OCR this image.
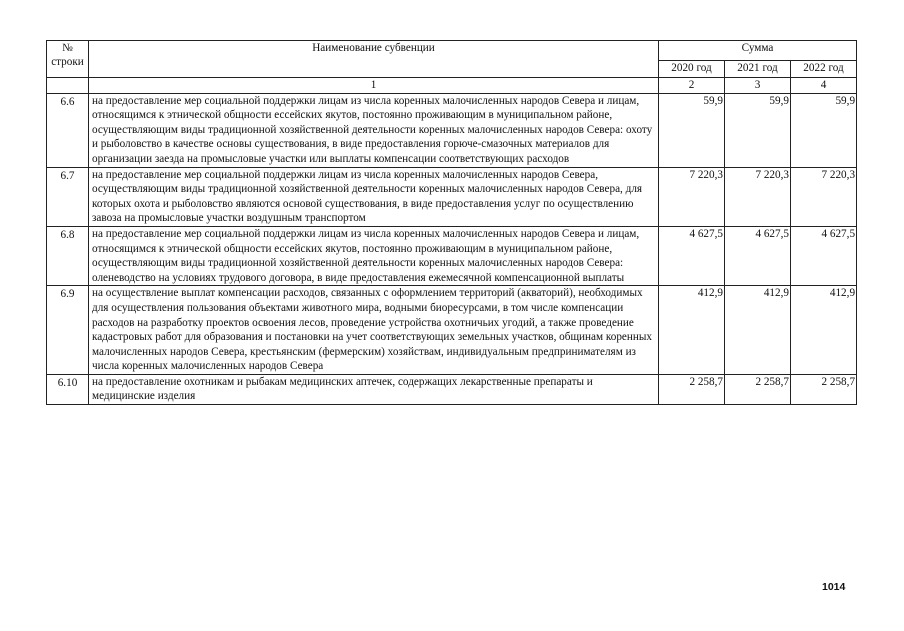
№
строки	Наименование субвенции	Сумма		
		2020 год	2021 год	2022 год
	1	2	3	4
6.6	на предоставление мер социальной поддержки лицам из числа коренных малочисленных народов Севера и лицам, относящимся к этнической общности ессейских якутов, постоянно проживающим в муниципальном районе, осуществляющим виды традиционной хозяйственной деятельности коренных малочисленных народов Севера: охоту и рыболовство в качестве основы существования, в виде предоставления горюче-смазочных материалов для организации заезда на промысловые участки или выплаты компенсации соответствующих расходов	59,9	59,9	59,9
6.7	на предоставление мер социальной поддержки лицам из числа коренных малочисленных народов Севера, осуществляющим виды традиционной хозяйственной деятельности коренных малочисленных народов Севера, для которых охота и рыболовство являются основой существования, в виде предоставления услуг по осуществлению завоза на промысловые участки воздушным транспортом	7 220,3	7 220,3	7 220,3
6.8	на предоставление мер социальной поддержки лицам из числа коренных малочисленных народов Севера и лицам, относящимся к этнической общности ессейских якутов, постоянно проживающим в муниципальном районе, осуществляющим виды традиционной хозяйственной деятельности коренных малочисленных народов Севера: оленеводство на условиях трудового договора, в виде предоставления ежемесячной компенсационной выплаты	4 627,5	4 627,5	4 627,5
6.9	на осуществление выплат компенсации расходов, связанных с оформлением территорий (акваторий), необходимых для осуществления пользования объектами животного мира, водными биоресурсами, в том числе компенсации расходов на разработку проектов освоения лесов, проведение устройства охотничьих угодий, а также проведение кадастровых работ для образования и постановки на учет соответствующих земельных участков, общинам коренных малочисленных народов Севера, крестьянским (фермерским) хозяйствам, индивидуальным предпринимателям из числа коренных малочисленных народов Севера	412,9	412,9	412,9
6.10	на предоставление охотникам и рыбакам медицинских аптечек, содержащих лекарственные препараты и медицинские изделия	2 258,7	2 258,7	2 258,7
1014
